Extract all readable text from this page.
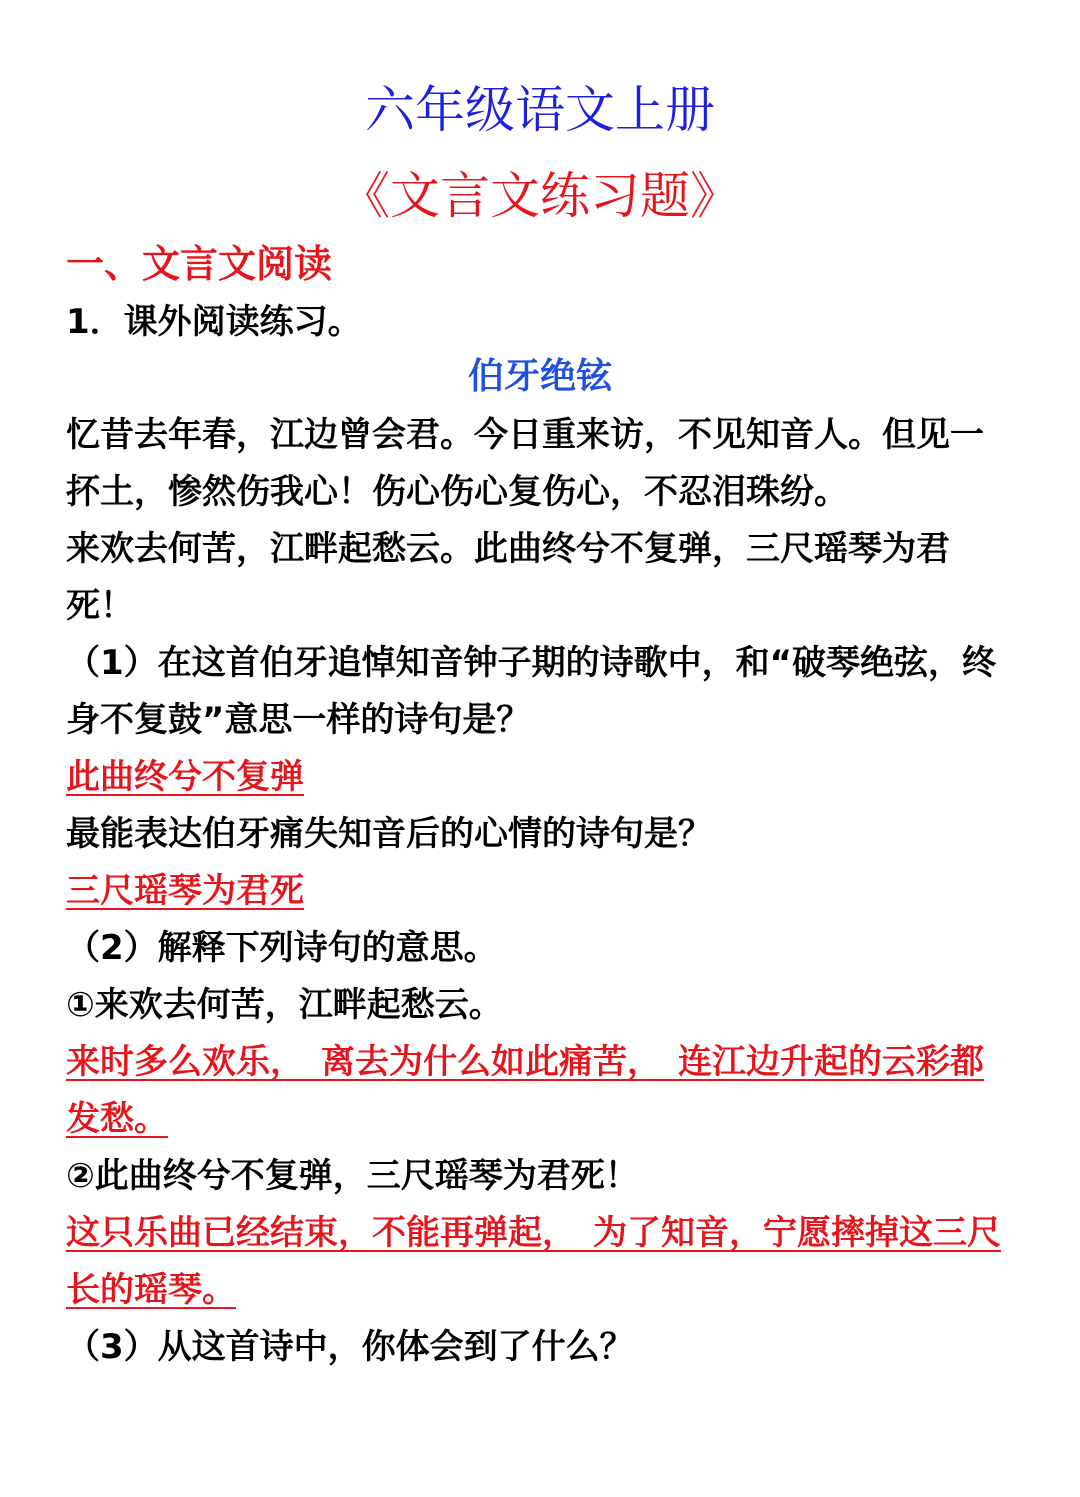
六年级语文上册
《文言文练习题》
一、文言文阅读
1．课外阅读练习。
伯牙绝铉

忆昔去年春，江边曾会君。今日重来访，不见知音人。但见一抔土，惨然伤我心！伤心伤心复伤心，不忍泪珠纷。

来欢去何苦，江畔起愁云。此曲终兮不复弹，三尺瑶琴为君死！

（1）在这首伯牙追悼知音钟子期的诗歌中，和“破琴绝弦，终身不复鼓”意思一样的诗句是？

此曲终兮不复弹

最能表达伯牙痛失知音后的心情的诗句是？

三尺瑶琴为君死

（2）解释下列诗句的意思。

①来欢去何苦，江畔起愁云。

来时多么欢乐，　离去为什么如此痛苦，　连江边升起的云彩都发愁。

②此曲终兮不复弹，三尺瑶琴为君死！

这只乐曲已经结束，不能再弹起，　为了知音，宁愿摔掉这三尺长的瑶琴。

（3）从这首诗中，你体会到了什么？
